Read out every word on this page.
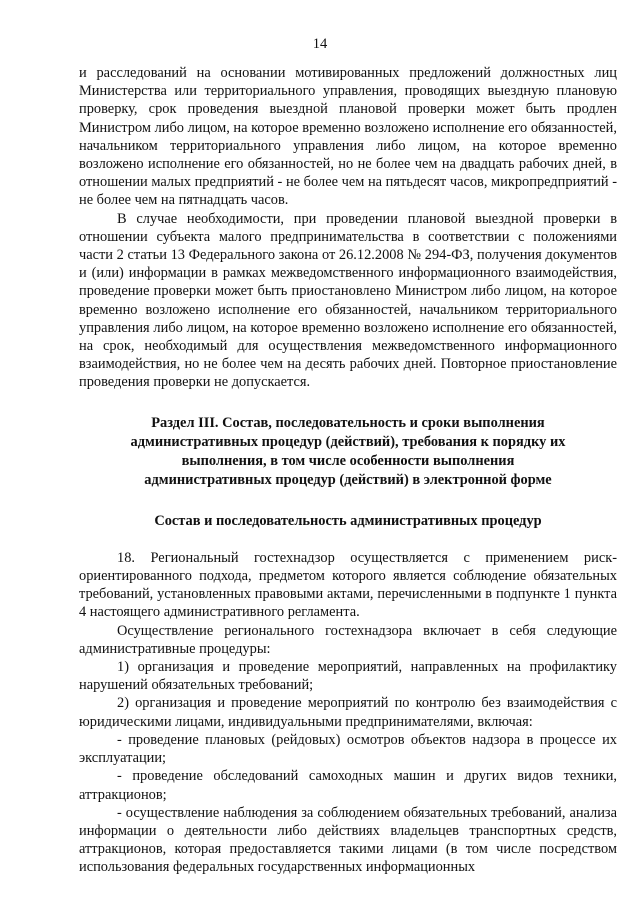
14

и расследований на основании мотивированных предложений должностных лиц Министерства или территориального управления, проводящих выездную плановую проверку, срок проведения выездной плановой проверки может быть продлен Министром либо лицом, на которое временно возложено исполнение его обязанностей, начальником территориального управления либо лицом, на которое временно возложено исполнение его обязанностей, но не более чем на двадцать рабочих дней, в отношении малых предприятий - не более чем на пятьдесят часов, микропредприятий - не более чем на пятнадцать часов.

В случае необходимости, при проведении плановой выездной проверки в отношении субъекта малого предпринимательства в соответствии с положениями части 2 статьи 13 Федерального закона от 26.12.2008 № 294-ФЗ, получения документов и (или) информации в рамках межведомственного информационного взаимодействия, проведение проверки может быть приостановлено Министром либо лицом, на которое временно возложено исполнение его обязанностей, начальником территориального управления либо лицом, на которое временно возложено исполнение его обязанностей, на срок, необходимый для осуществления межведомственного информационного взаимодействия, но не более чем на десять рабочих дней. Повторное приостановление проведения проверки не допускается.

Раздел III. Состав, последовательность и сроки выполнения
административных процедур (действий), требования к порядку их
выполнения, в том числе особенности выполнения
административных процедур (действий) в электронной форме

Состав и последовательность административных процедур

18. Региональный гостехнадзор осуществляется с применением риск-ориентированного подхода, предметом которого является соблюдение обязательных требований, установленных правовыми актами, перечисленными в подпункте 1 пункта 4 настоящего административного регламента.

Осуществление регионального гостехнадзора включает в себя следующие административные процедуры:

1) организация и проведение мероприятий, направленных на профилактику нарушений обязательных требований;

2) организация и проведение мероприятий по контролю без взаимодействия с юридическими лицами, индивидуальными предпринимателями, включая:

- проведение плановых (рейдовых) осмотров объектов надзора в процессе их эксплуатации;

- проведение обследований самоходных машин и других видов техники, аттракционов;

- осуществление наблюдения за соблюдением обязательных требований, анализа информации о деятельности либо действиях владельцев транспортных средств, аттракционов, которая предоставляется такими лицами (в том числе посредством использования федеральных государственных информационных
